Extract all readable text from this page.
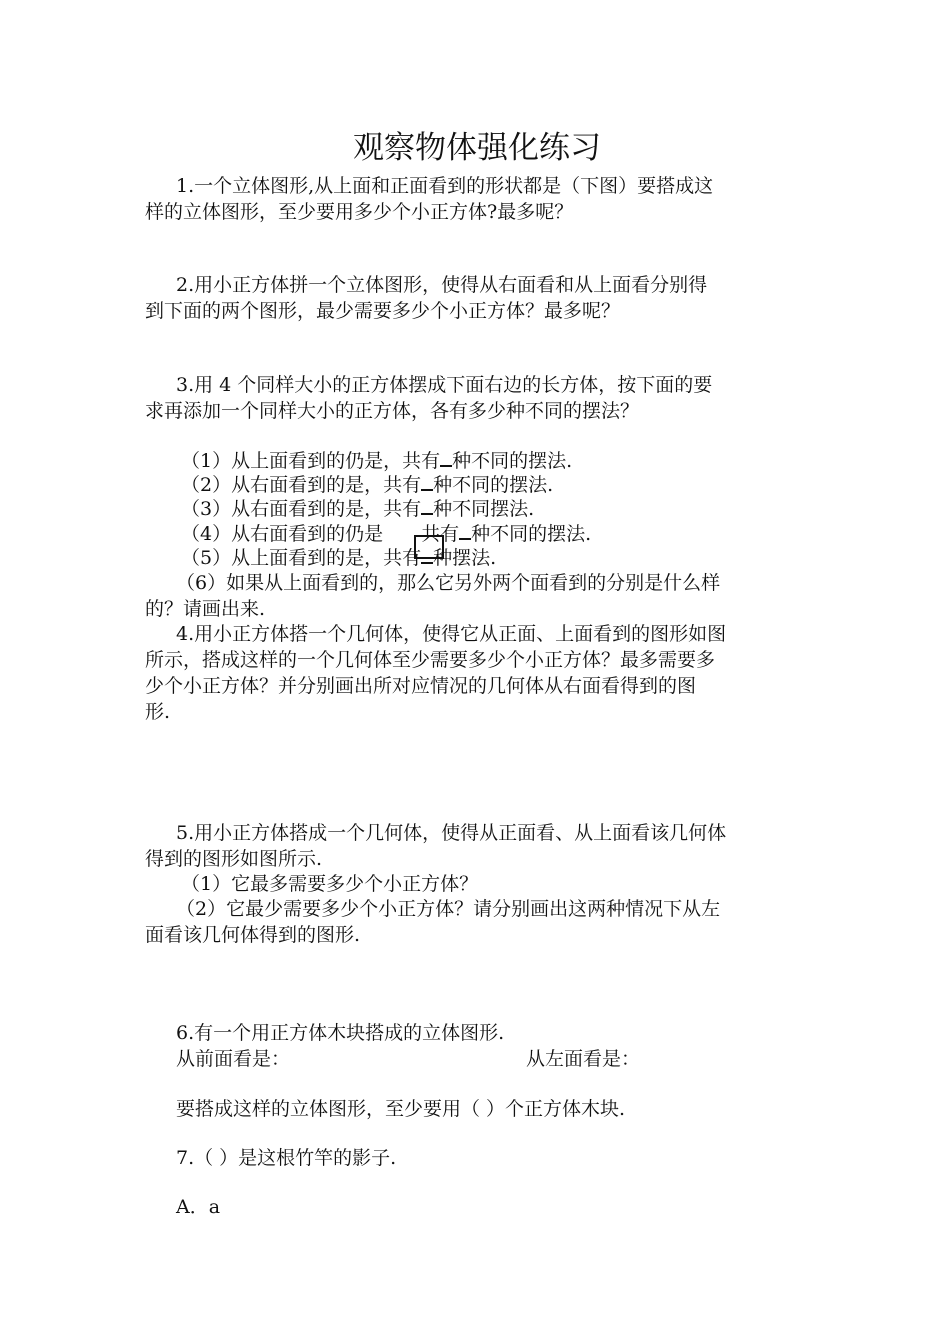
观察物体强化练习
1.一个立体图形,从上面和正面看到的形状都是（下图）要搭成这
样的立体图形，至少要用多少个小正方体?最多呢？
2.用小正方体拼一个立体图形，使得从右面看和从上面看分别得
到下面的两个图形，最少需要多少个小正方体？最多呢？
3.用 4 个同样大小的正方体摆成下面右边的长方体，按下面的要
求再添加一个同样大小的正方体，各有多少种不同的摆法？
（1）从上面看到的仍是，共有 种不同的摆法.
（2）从右面看到的是，共有 种不同的摆法.
（3）从右面看到的是，共有 种不同摆法.
（4）从右面看到的仍是 共有 种不同的摆法.
（5）从上面看到的是，共有 种摆法.
（6）如果从上面看到的，那么它另外两个面看到的分别是什么样
的？请画出来.
4.用小正方体搭一个几何体，使得它从正面、上面看到的图形如图
所示，搭成这样的一个几何体至少需要多少个小正方体？最多需要多
少个小正方体？并分别画出所对应情况的几何体从右面看得到的图
形.
5.用小正方体搭成一个几何体，使得从正面看、从上面看该几何体
得到的图形如图所示.
（1）它最多需要多少个小正方体？
（2）它最少需要多少个小正方体？请分别画出这两种情况下从左
面看该几何体得到的图形.
6.有一个用正方体木块搭成的立体图形.
从前面看是：	从左面看是：
要搭成这样的立体图形，至少要用（ ）个正方体木块.
7.（ ）是这根竹竿的影子.
A．a
